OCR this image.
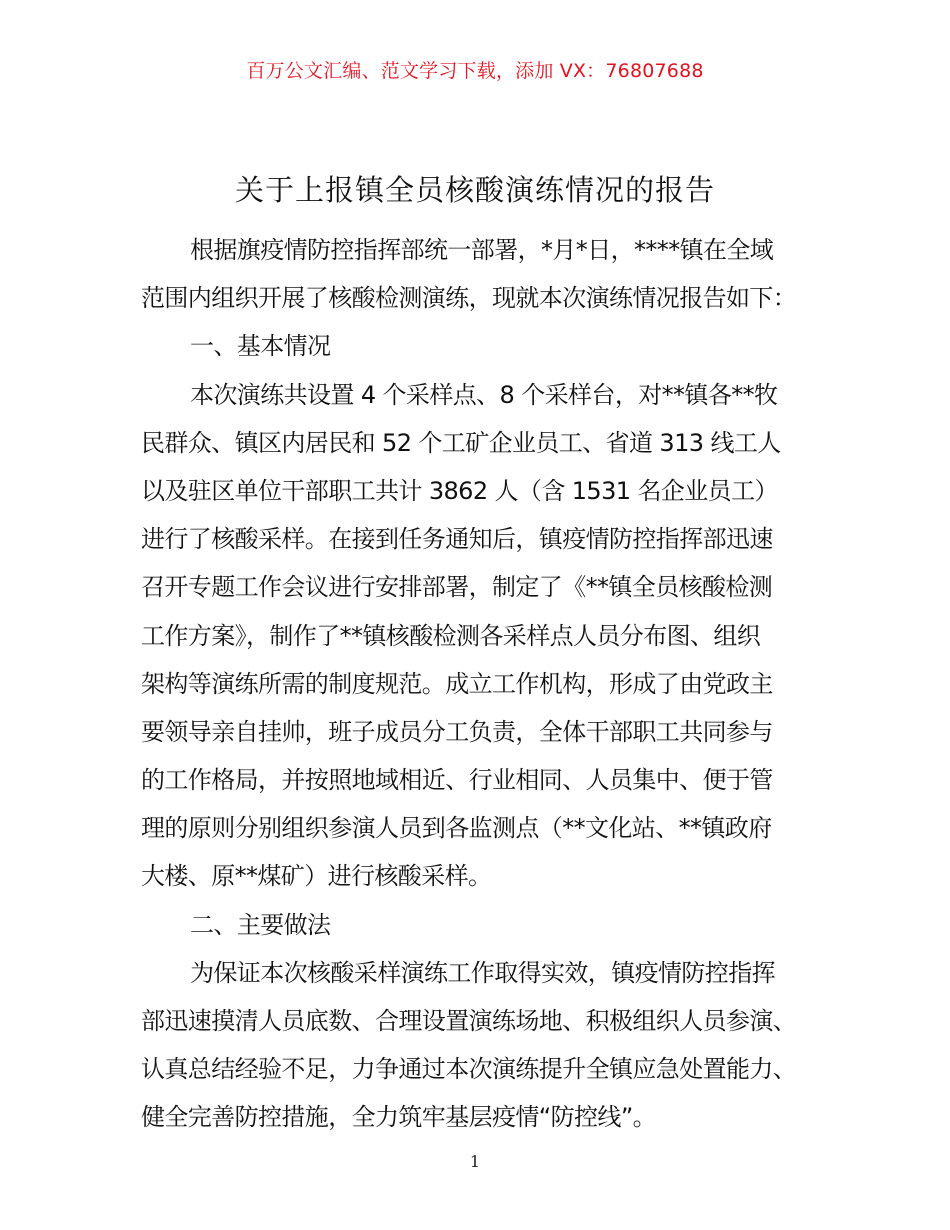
百万公文汇编、范文学习下载，添加 VX：76807688
关于上报镇全员核酸演练情况的报告
根据旗疫情防控指挥部统一部署，*月*日，****镇在全域
范围内组织开展了核酸检测演练，现就本次演练情况报告如下：
一、基本情况
本次演练共设置 4 个采样点、8 个采样台，对**镇各**牧
民群众、镇区内居民和 52 个工矿企业员工、省道 313 线工人
以及驻区单位干部职工共计 3862 人（含 1531 名企业员工）
进行了核酸采样。在接到任务通知后，镇疫情防控指挥部迅速
召开专题工作会议进行安排部署，制定了《**镇全员核酸检测
工作方案》，制作了**镇核酸检测各采样点人员分布图、组织
架构等演练所需的制度规范。成立工作机构，形成了由党政主
要领导亲自挂帅，班子成员分工负责，全体干部职工共同参与
的工作格局，并按照地域相近、行业相同、人员集中、便于管
理的原则分别组织参演人员到各监测点（**文化站、**镇政府
大楼、原**煤矿）进行核酸采样。
二、主要做法
为保证本次核酸采样演练工作取得实效，镇疫情防控指挥
部迅速摸清人员底数、合理设置演练场地、积极组织人员参演、
认真总结经验不足，力争通过本次演练提升全镇应急处置能力、
健全完善防控措施，全力筑牢基层疫情“防控线”。
1
